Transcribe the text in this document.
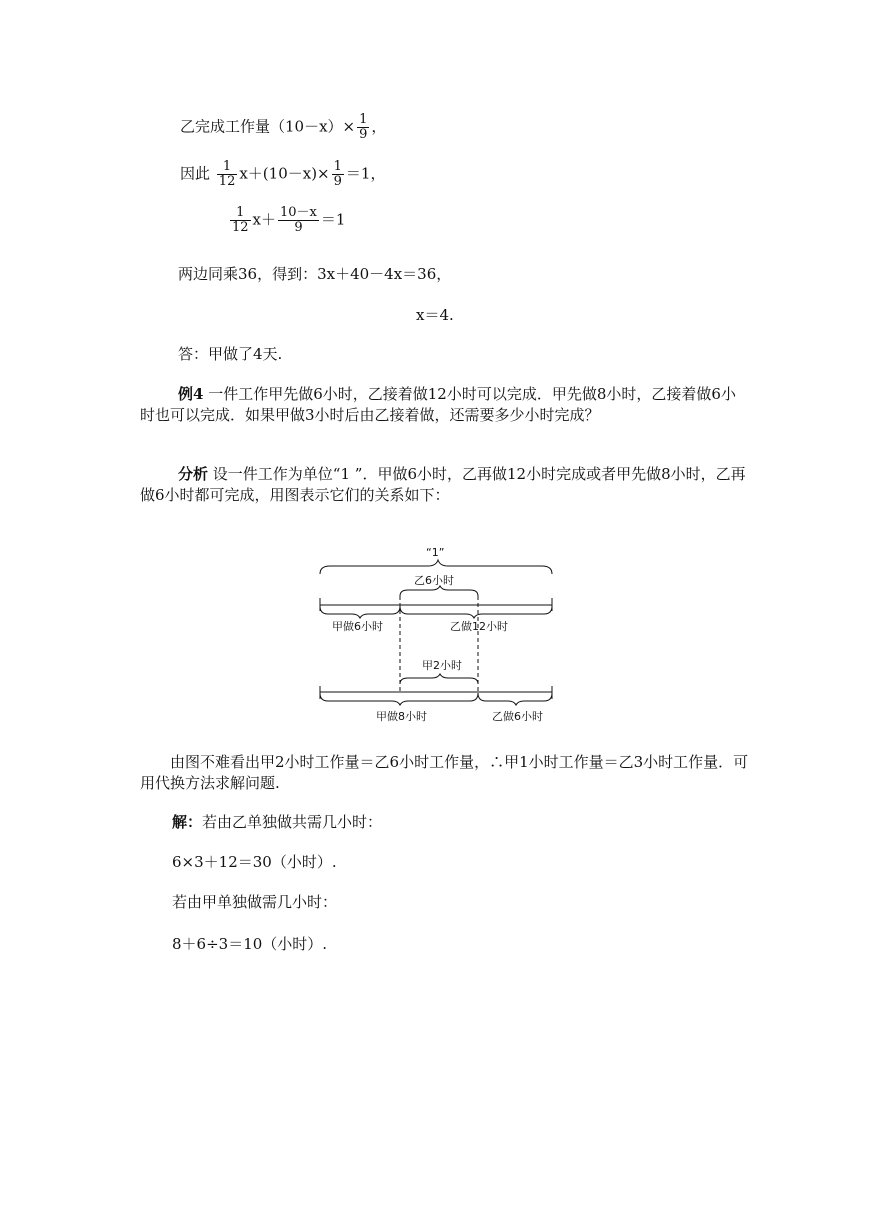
乙完成工作量$(10-x)\times \frac{1}{9}$ ，
因此 $\frac{1}{12} x+(10-x)\times \frac{1}{9} =1$，
$\frac{1}{12} x+ \frac{10-x}{9} =1$
两边同乘36，得到：3x＋40－4x＝36，
x＝4.
答：甲做了4天.
例4 一件工作甲先做6小时，乙接着做12小时可以完成．甲先做8小时，乙接着做6小时也可以完成．如果甲做3小时后由乙接着做，还需要多少小时完成？
分析 设一件工作为单位“1 ”．甲做6小时，乙再做12小时完成或者甲先做8小时，乙再做6小时都可完成，用图表示它们的关系如下：
“1”
乙6小时
甲做6小时	乙做12小时
甲2小时
甲做8小时	乙做6小时
由图不难看出甲2小时工作量＝乙6小时工作量，∴甲1小时工作量＝乙3小时工作量．可用代换方法求解问题.
解：若由乙单独做共需几小时：
6×3＋12＝30（小时）.
若由甲单独做需几小时：
8＋6÷3＝10（小时）.
